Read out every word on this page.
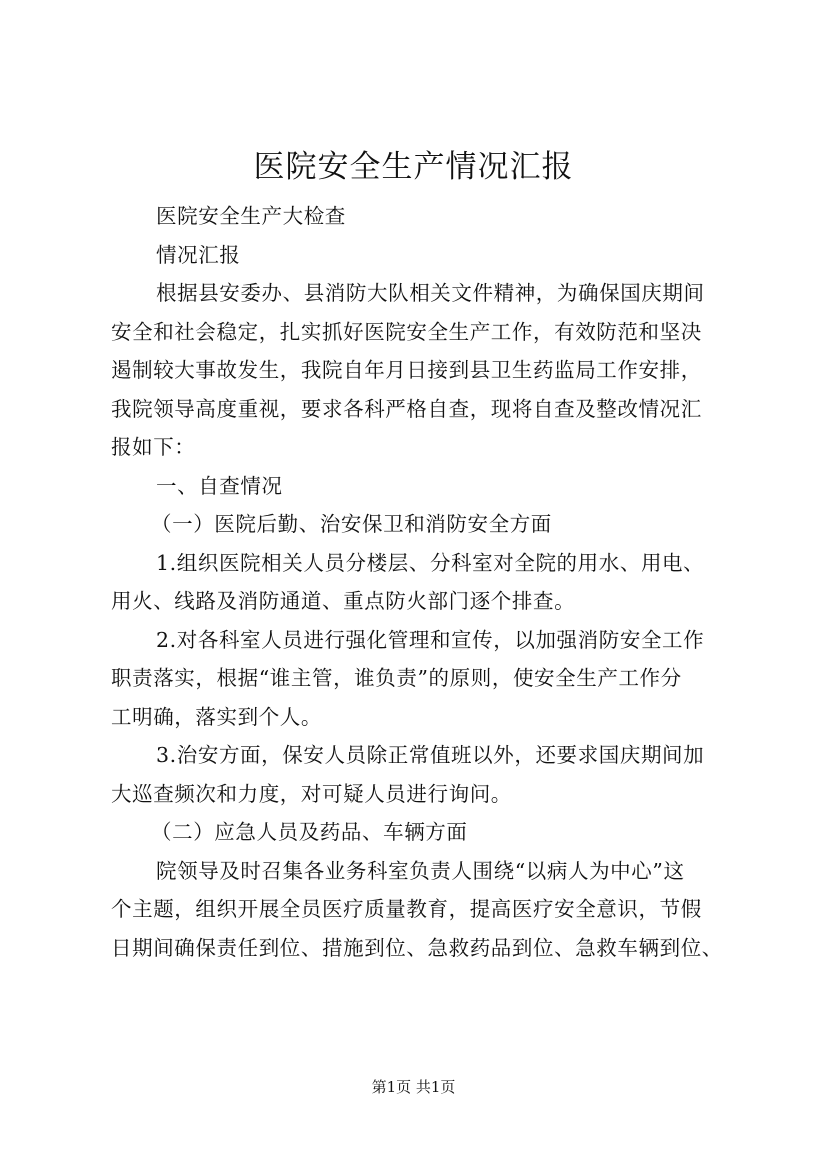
医院安全生产情况汇报
医院安全生产大检查
情况汇报
根据县安委办、县消防大队相关文件精神，为确保国庆期间
安全和社会稳定，扎实抓好医院安全生产工作，有效防范和坚决
遏制较大事故发生，我院自年月日接到县卫生药监局工作安排，
我院领导高度重视，要求各科严格自查，现将自查及整改情况汇
报如下：
一、自查情况
（一）医院后勤、治安保卫和消防安全方面
1.组织医院相关人员分楼层、分科室对全院的用水、用电、
用火、线路及消防通道、重点防火部门逐个排查。
2.对各科室人员进行强化管理和宣传，以加强消防安全工作
职责落实，根据“谁主管，谁负责”的原则，使安全生产工作分
工明确，落实到个人。
3.治安方面，保安人员除正常值班以外，还要求国庆期间加
大巡查频次和力度，对可疑人员进行询问。
（二）应急人员及药品、车辆方面
院领导及时召集各业务科室负责人围绕“以病人为中心”这
个主题，组织开展全员医疗质量教育，提高医疗安全意识，节假
日期间确保责任到位、措施到位、急救药品到位、急救车辆到位、
第1页 共1页
